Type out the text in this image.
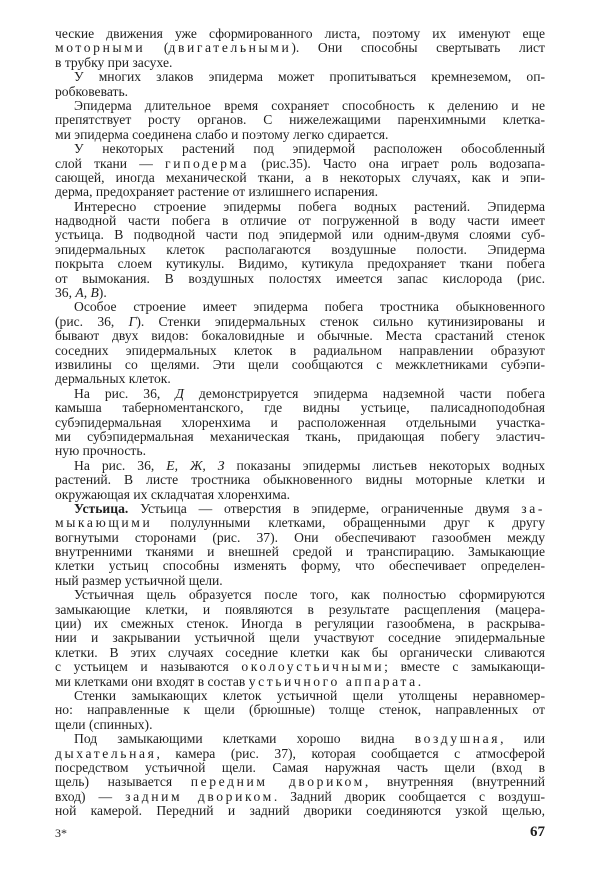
ческие движения уже сформированного листа, поэтому их именуют еще
моторными (двигательными). Они способны свертывать лист
в трубку при засухе.
У многих злаков эпидерма может пропитываться кремнеземом, оп-
робковевать.
Эпидерма длительное время сохраняет способность к делению и не
препятствует росту органов. С нижележащими паренхимными клетка-
ми эпидерма соединена слабо и поэтому легко сдирается.
У некоторых растений под эпидермой расположен обособленный
слой ткани — гиподерма (рис.35). Часто она играет роль водозапа-
сающей, иногда механической ткани, а в некоторых случаях, как и эпи-
дерма, предохраняет растение от излишнего испарения.
Интересно строение эпидермы побега водных растений. Эпидерма
надводной части побега в отличие от погруженной в воду части имеет
устьица. В подводной части под эпидермой или одним-двумя слоями суб-
эпидермальных клеток располагаются воздушные полости. Эпидерма
покрыта слоем кутикулы. Видимо, кутикула предохраняет ткани побега
от вымокания. В воздушных полостях имеется запас кислорода (рис.
36, А, В).
Особое строение имеет эпидерма побега тростника обыкновенного
(рис. 36, Г). Стенки эпидермальных стенок сильно кутинизированы и
бывают двух видов: бокаловидные и обычные. Места срастаний стенок
соседних эпидермальных клеток в радиальном направлении образуют
извилины со щелями. Эти щели сообщаются с межклетниками субэпи-
дермальных клеток.
На рис. 36, Д демонстрируется эпидерма надземной части побега
камыша таберноментанского, где видны устьице, палисадноподобная
субэпидермальная хлоренхима и расположенная отдельными участка-
ми субэпидермальная механическая ткань, придающая побегу эластич-
ную прочность.
На рис. 36, Е, Ж, З показаны эпидермы листьев некоторых водных
растений. В листе тростника обыкновенного видны моторные клетки и
окружающая их складчатая хлоренхима.
Устьица. Устьица — отверстия в эпидерме, ограниченные двумя за-
мыкающими полулунными клетками, обращенными друг к другу
вогнутыми сторонами (рис. 37). Они обеспечивают газообмен между
внутренними тканями и внешней средой и транспирацию. Замыкающие
клетки устьиц способны изменять форму, что обеспечивает определен-
ный размер устьичной щели.
Устьичная щель образуется после того, как полностью сформируются
замыкающие клетки, и появляются в результате расщепления (мацера-
ции) их смежных стенок. Иногда в регуляции газообмена, в раскрыва-
нии и закрывании устьичной щели участвуют соседние эпидермальные
клетки. В этих случаях соседние клетки как бы органически сливаются
с устьицем и называются околоустьичными; вместе с замыкающи-
ми клетками они входят в состав устьичного аппарата.
Стенки замыкающих клеток устьичной щели утолщены неравномер-
но: направленные к щели (брюшные) толще стенок, направленных от
щели (спинных).
Под замыкающими клетками хорошо видна воздушная, или
дыхательная, камера (рис. 37), которая сообщается с атмосферой
посредством устьичной щели. Самая наружная часть щели (вход в
щель) называется передним двориком, внутренняя (внутренний
вход) — задним двориком. Задний дворик сообщается с воздуш-
ной камерой. Передний и задний дворики соединяются узкой щелью,
3*	67
